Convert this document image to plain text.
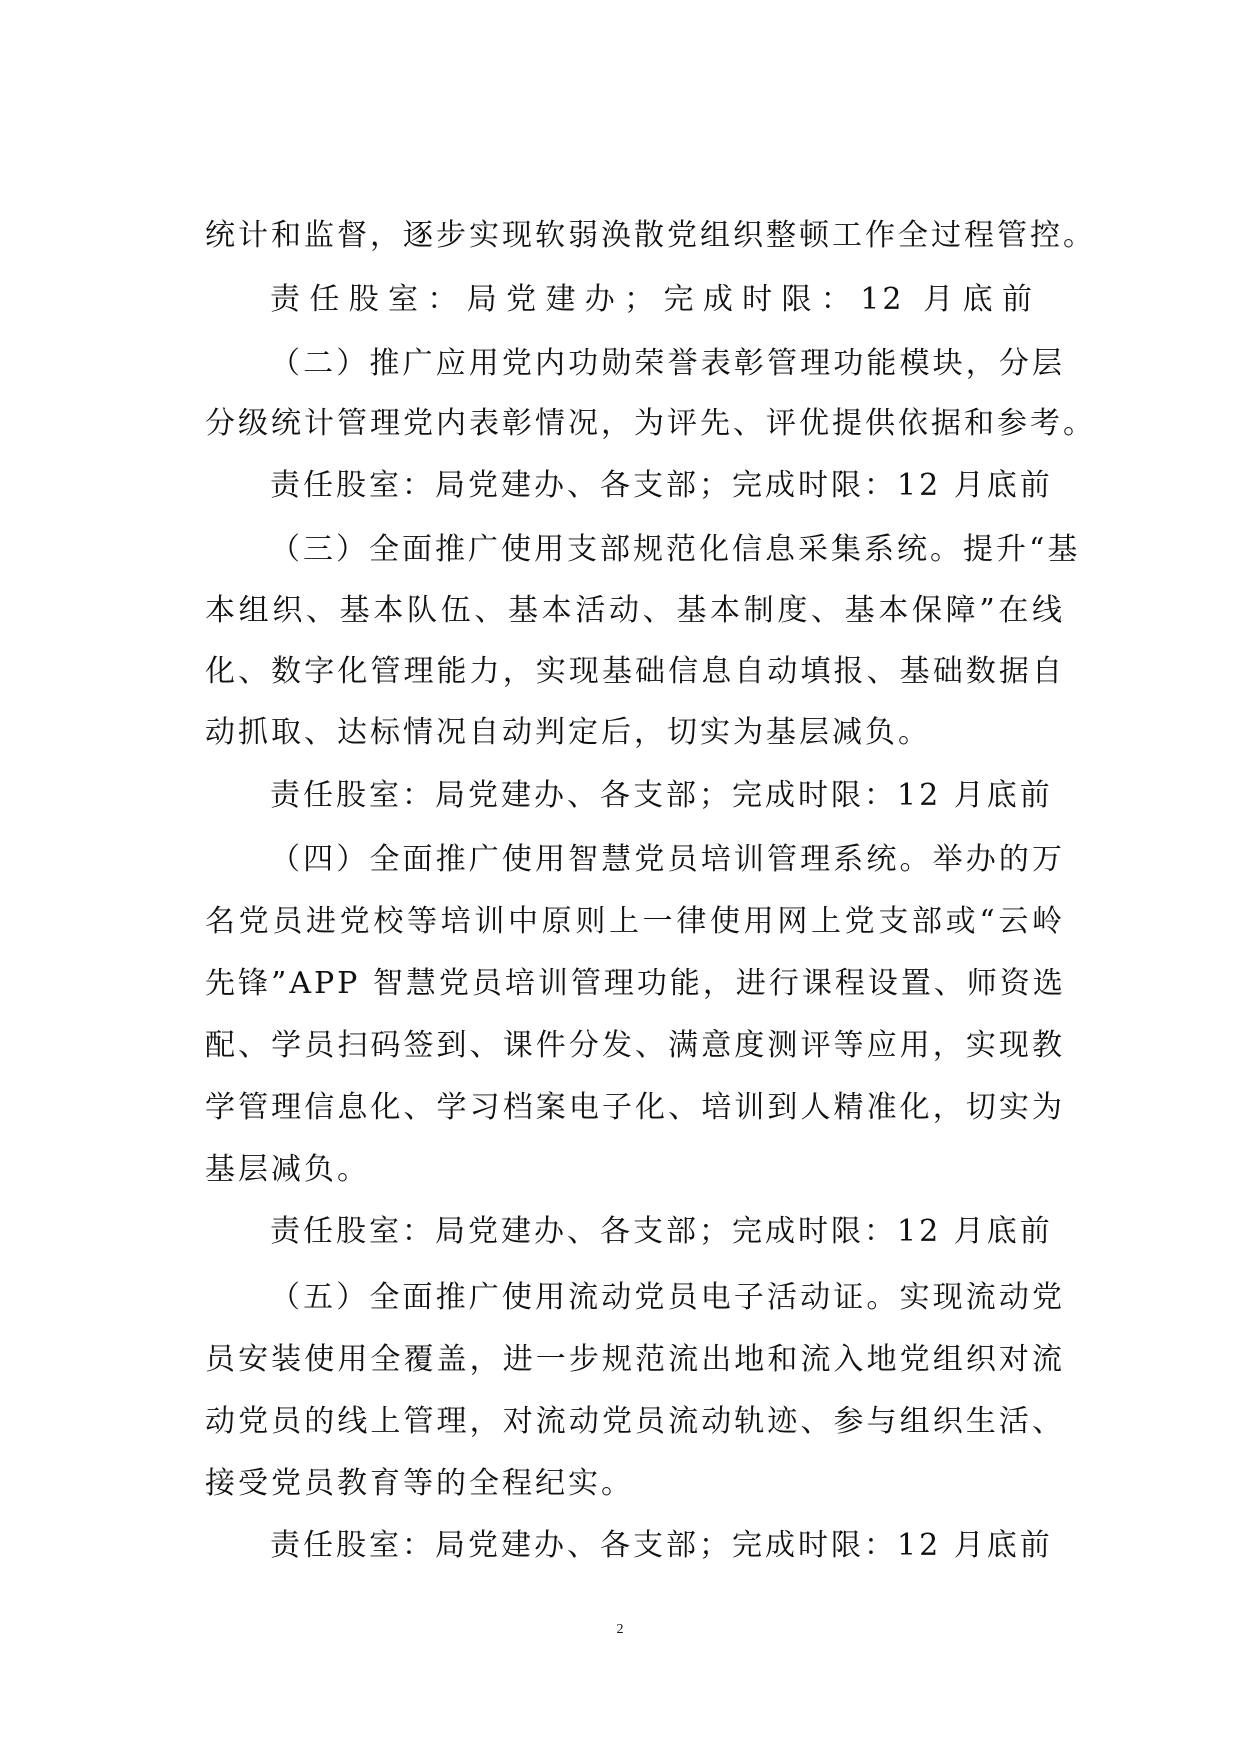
统计和监督，逐步实现软弱涣散党组织整顿工作全过程管控。
责任股室：局党建办；完成时限：12 月底前
（二）推广应用党内功勋荣誉表彰管理功能模块，分层
分级统计管理党内表彰情况，为评先、评优提供依据和参考。
责任股室：局党建办、各支部；完成时限：12 月底前
（三）全面推广使用支部规范化信息采集系统。提升“基
本组织、基本队伍、基本活动、基本制度、基本保障”在线
化、数字化管理能力，实现基础信息自动填报、基础数据自
动抓取、达标情况自动判定后，切实为基层减负。
责任股室：局党建办、各支部；完成时限：12 月底前
（四）全面推广使用智慧党员培训管理系统。举办的万
名党员进党校等培训中原则上一律使用网上党支部或“云岭
先锋”APP 智慧党员培训管理功能，进行课程设置、师资选
配、学员扫码签到、课件分发、满意度测评等应用，实现教
学管理信息化、学习档案电子化、培训到人精准化，切实为
基层减负。
责任股室：局党建办、各支部；完成时限：12 月底前
（五）全面推广使用流动党员电子活动证。实现流动党
员安装使用全覆盖，进一步规范流出地和流入地党组织对流
动党员的线上管理，对流动党员流动轨迹、参与组织生活、
接受党员教育等的全程纪实。
责任股室：局党建办、各支部；完成时限：12 月底前
2
